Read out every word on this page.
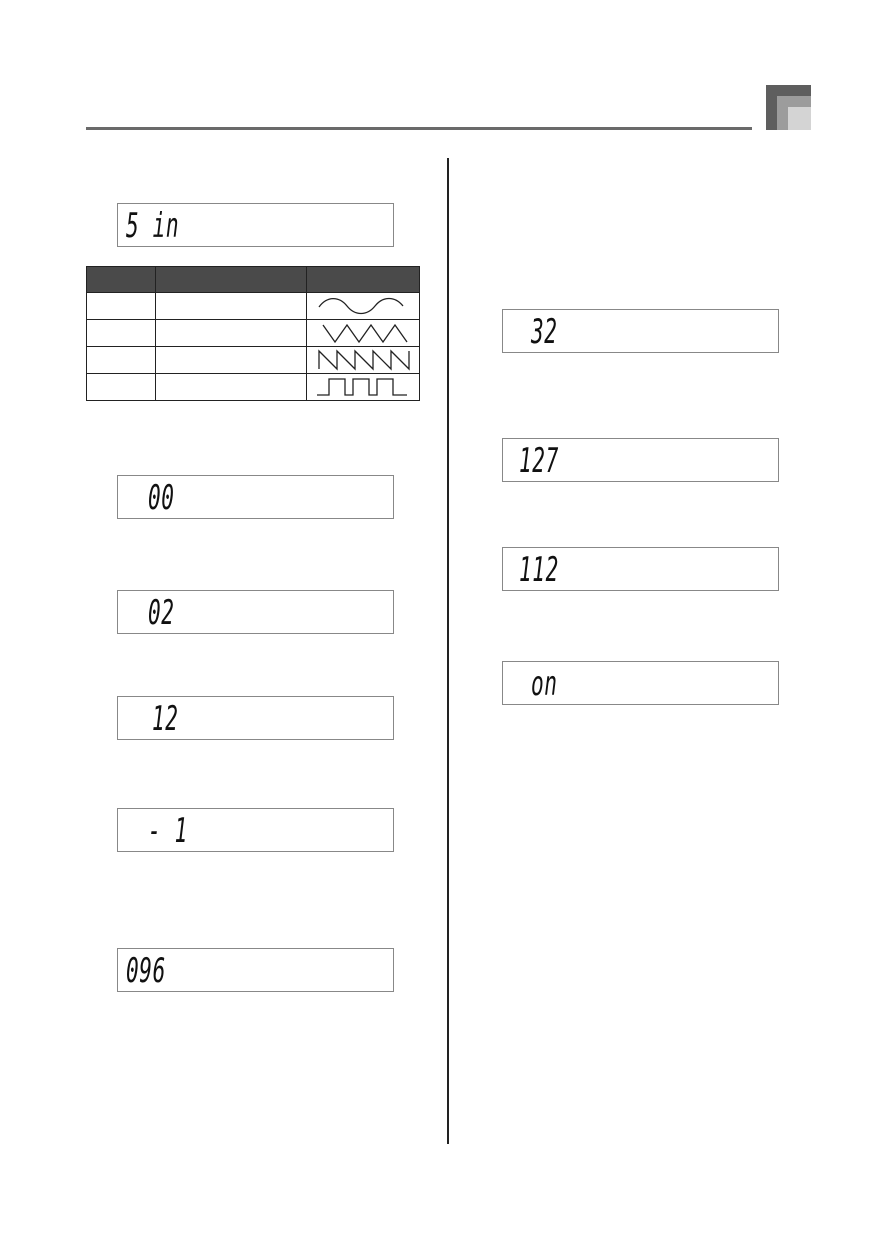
5 in

00
02
12
- 1
096
32
127
112
on
